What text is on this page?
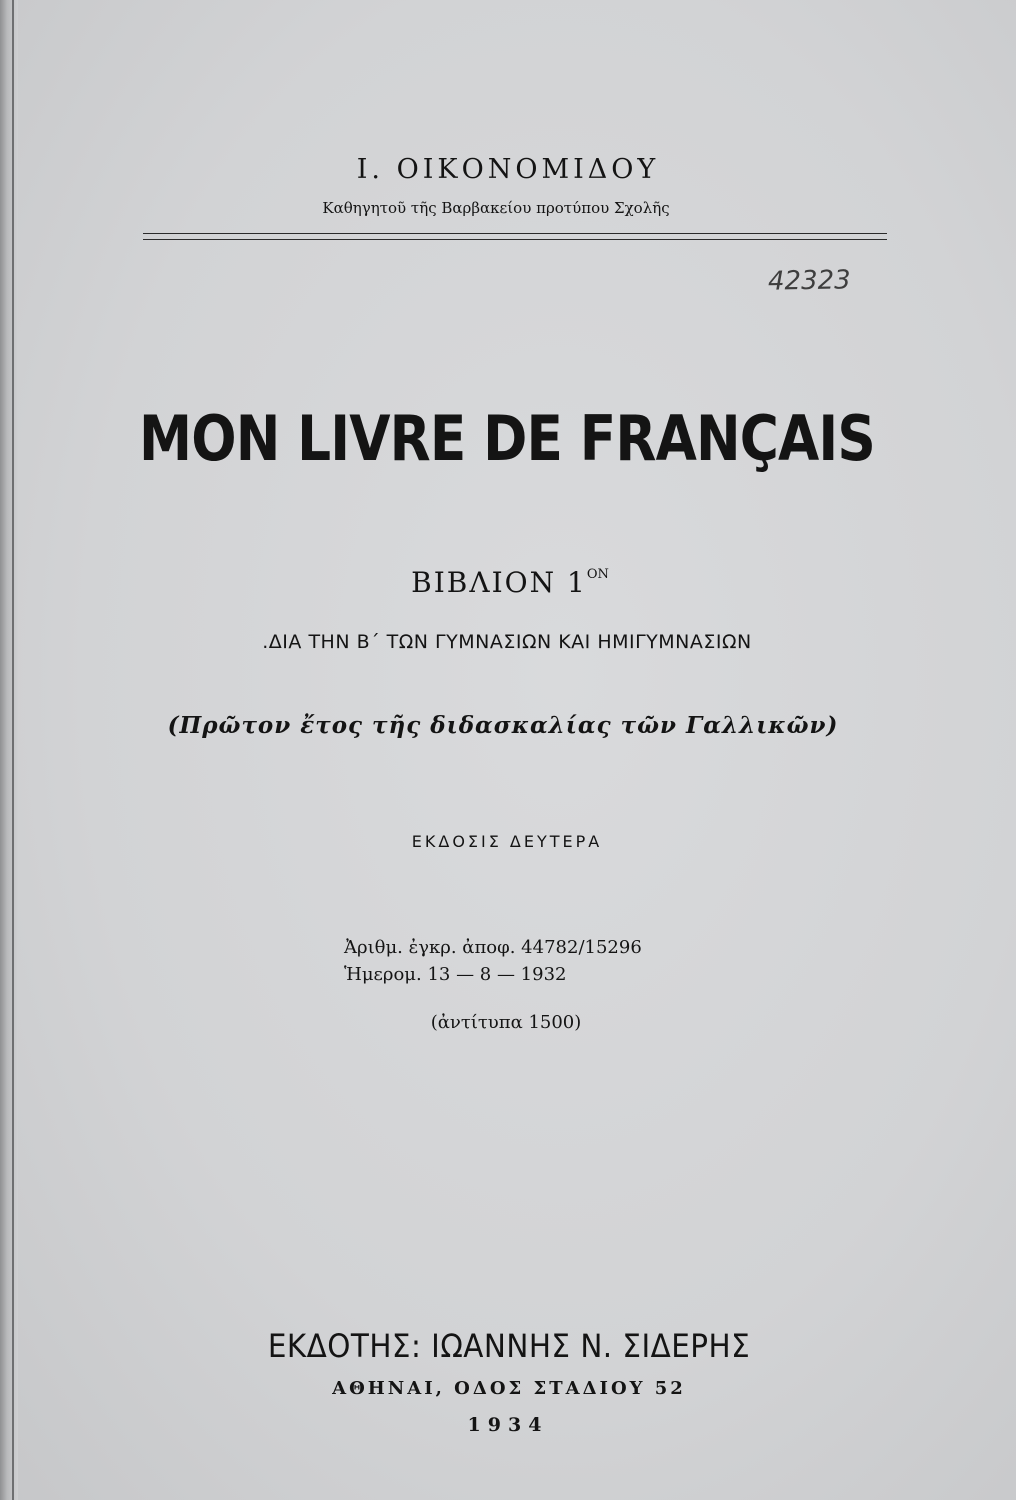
Ι. ΟΙΚΟΝΟΜΙΔΟΥ
Καθηγητοῦ τῆς Βαρβακείου προτύπου Σχολῆς
42323
MON LIVRE DE FRANÇAIS
ΒΙΒΛΙΟΝ $1^{ON}$
.ΔΙΑ ΤΗΝ Β΄ ΤΩΝ ΓΥΜΝΑΣΙΩΝ ΚΑΙ ΗΜΙΓΥΜΝΑΣΙΩΝ
(Πρῶτον ἔτος τῆς διδασκαλίας τῶν Γαλλικῶν)
ΕΚΔΟΣΙΣ ΔΕΥΤΕΡΑ
Ἀριθμ. ἐγκρ. ἀποφ. 44782/15296
Ἡμερομ. 13 — 8 — 1932
(ἀντίτυπα 1500)
ΕΚΔΟΤΗΣ: ΙΩΑΝΝΗΣ Ν. ΣΙΔΕΡΗΣ
ΑΘΗΝΑΙ, ΟΔΟΣ ΣΤΑΔΙΟΥ 52
1934
